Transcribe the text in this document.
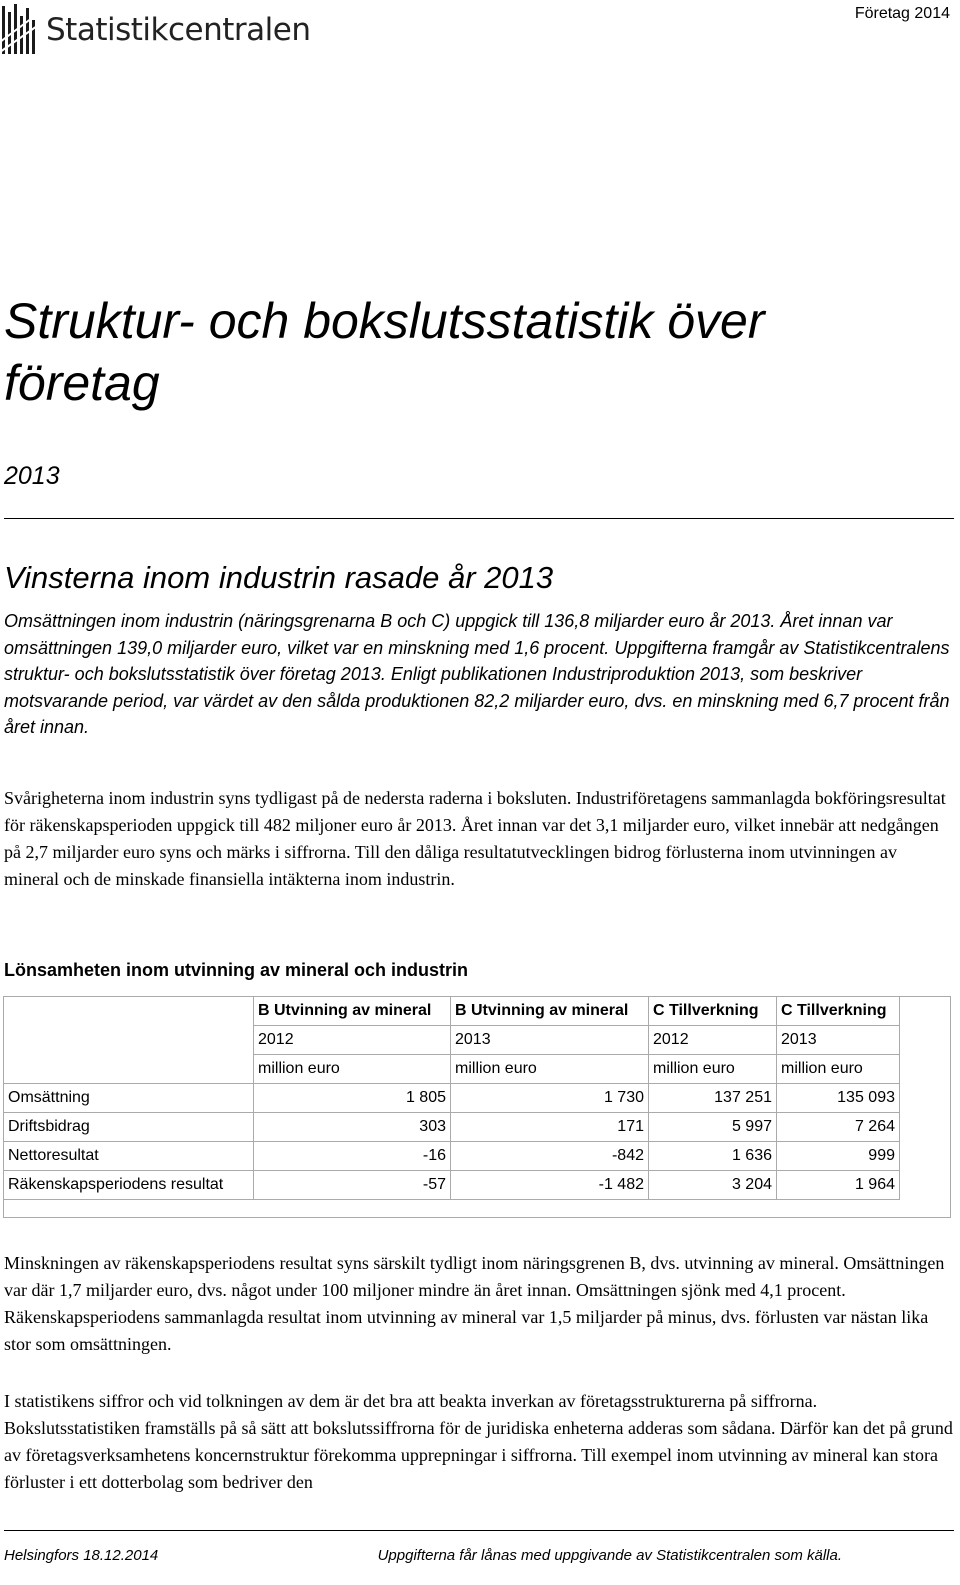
Statistikcentralen	Företag 2014
Struktur- och bokslutsstatistik över företag
2013
Vinsterna inom industrin rasade år 2013

Omsättningen inom industrin (näringsgrenarna B och C) uppgick till 136,8 miljarder euro år 2013. Året innan var omsättningen 139,0 miljarder euro, vilket var en minskning med 1,6 procent. Uppgifterna framgår av Statistikcentralens struktur- och bokslutsstatistik över företag 2013. Enligt publikationen Industriproduktion 2013, som beskriver motsvarande period, var värdet av den sålda produktionen 82,2 miljarder euro, dvs. en minskning med 6,7 procent från året innan.

Svårigheterna inom industrin syns tydligast på de nedersta raderna i boksluten. Industriföretagens sammanlagda bokföringsresultat för räkenskapsperioden uppgick till 482 miljoner euro år 2013. Året innan var det 3,1 miljarder euro, vilket innebär att nedgången på 2,7 miljarder euro syns och märks i siffrorna. Till den dåliga resultatutvecklingen bidrog förlusterna inom utvinningen av mineral och de minskade finansiella intäkterna inom industrin.

Lönsamheten inom utvinning av mineral och industrin
	B Utvinning av mineral	B Utvinning av mineral	C Tillverkning	C Tillverkning
	2012	2013	2012	2013
	million euro	million euro	million euro	million euro
Omsättning	1 805	1 730	137 251	135 093
Driftsbidrag	303	171	5 997	7 264
Nettoresultat	-16	-842	1 636	999
Räkenskapsperiodens resultat	-57	-1 482	3 204	1 964

Minskningen av räkenskapsperiodens resultat syns särskilt tydligt inom näringsgrenen B, dvs. utvinning av mineral. Omsättningen var där 1,7 miljarder euro, dvs. något under 100 miljoner mindre än året innan. Omsättningen sjönk med 4,1 procent. Räkenskapsperiodens sammanlagda resultat inom utvinning av mineral var 1,5 miljarder på minus, dvs. förlusten var nästan lika stor som omsättningen.

I statistikens siffror och vid tolkningen av dem är det bra att beakta inverkan av företagsstrukturerna på siffrorna. Bokslutsstatistiken framställs på så sätt att bokslutssiffrorna för de juridiska enheterna adderas som sådana. Därför kan det på grund av företagsverksamhetens koncernstruktur förekomma upprepningar i siffrorna. Till exempel inom utvinning av mineral kan stora förluster i ett dotterbolag som bedriver den

Helsingfors 18.12.2014	Uppgifterna får lånas med uppgivande av Statistikcentralen som källa.
